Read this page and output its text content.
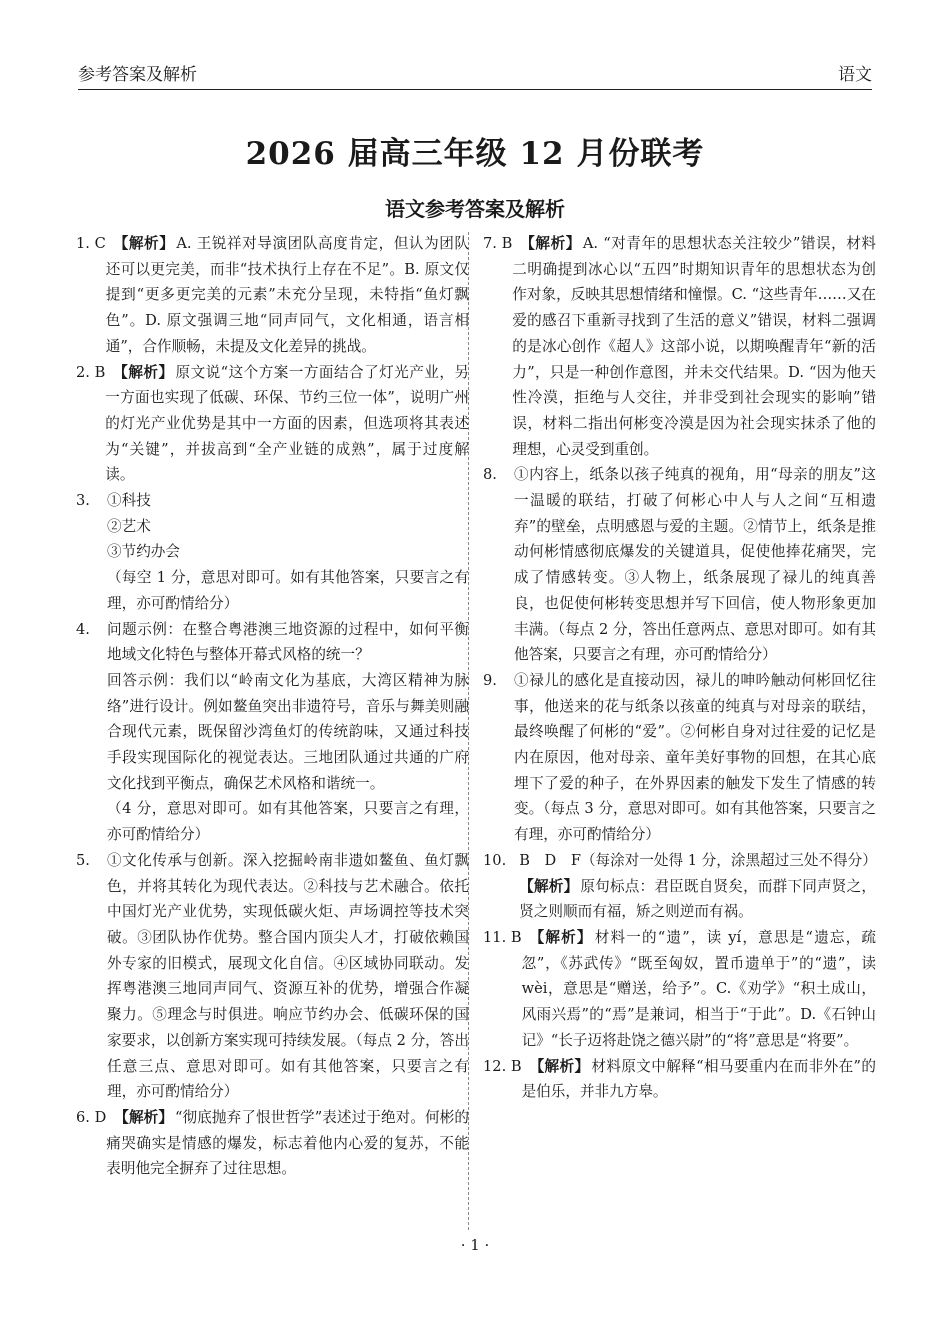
参考答案及解析	语文
2026 届高三年级 12 月份联考
语文参考答案及解析
1. C 【解析】 A. 王锐祥对导演团队高度肯定，但认为团队还可以更完美，而非“技术执行上存在不足”。B. 原文仅提到“更多更完美的元素”未充分呈现，未特指“鱼灯飘色”。D. 原文强调三地“同声同气，文化相通，语言相通”，合作顺畅，未提及文化差异的挑战。
2. B 【解析】 原文说“这个方案一方面结合了灯光产业，另一方面也实现了低碳、环保、节约三位一体”，说明广州的灯光产业优势是其中一方面的因素，但选项将其表述为“关键”，并拔高到“全产业链的成熟”，属于过度解读。
3. ①科技
②艺术
③节约办会
（每空 1 分，意思对即可。如有其他答案，只要言之有理，亦可酌情给分）
4. 问题示例：在整合粤港澳三地资源的过程中，如何平衡地域文化特色与整体开幕式风格的统一？
回答示例：我们以“岭南文化为基底，大湾区精神为脉络”进行设计。例如鳌鱼突出非遗符号，音乐与舞美则融合现代元素，既保留沙湾鱼灯的传统韵味，又通过科技手段实现国际化的视觉表达。三地团队通过共通的广府文化找到平衡点，确保艺术风格和谐统一。
（4 分，意思对即可。如有其他答案，只要言之有理，亦可酌情给分）
5.	①文化传承与创新。深入挖掘岭南非遗如鳌鱼、鱼灯飘色，并将其转化为现代表达。②科技与艺术融合。依托中国灯光产业优势，实现低碳火炬、声场调控等技术突破。③团队协作优势。整合国内顶尖人才，打破依赖国外专家的旧模式，展现文化自信。④区域协同联动。发挥粤港澳三地同声同气、资源互补的优势，增强合作凝聚力。⑤理念与时俱进。响应节约办会、低碳环保的国家要求，以创新方案实现可持续发展。（每点 2 分，答出任意三点、意思对即可。如有其他答案，只要言之有理，亦可酌情给分）
6. D 【解析】 “彻底抛弃了恨世哲学”表述过于绝对。何彬的痛哭确实是情感的爆发，标志着他内心爱的复苏，不能表明他完全摒弃了过往思想。
7. B 【解析】 A. “对青年的思想状态关注较少”错误，材料二明确提到冰心以“五四”时期知识青年的思想状态为创作对象，反映其思想情绪和憧憬。C. “这些青年……又在爱的感召下重新寻找到了生活的意义”错误，材料二强调的是冰心创作《超人》这部小说，以期唤醒青年“新的活力”，只是一种创作意图，并未交代结果。D. “因为他天性冷漠，拒绝与人交往，并非受到社会现实的影响”错误，材料二指出何彬变冷漠是因为社会现实抹杀了他的理想，心灵受到重创。
8.	①内容上，纸条以孩子纯真的视角，用“母亲的朋友”这一温暖的联结，打破了何彬心中人与人之间“互相遗弃”的壁垒，点明感恩与爱的主题。②情节上，纸条是推动何彬情感彻底爆发的关键道具，促使他捧花痛哭，完成了情感转变。③人物上，纸条展现了禄儿的纯真善良，也促使何彬转变思想并写下回信，使人物形象更加丰满。（每点 2 分，答出任意两点、意思对即可。如有其他答案，只要言之有理，亦可酌情给分）
9.	①禄儿的感化是直接动因，禄儿的呻吟触动何彬回忆往事，他送来的花与纸条以孩童的纯真与对母亲的联结，最终唤醒了何彬的“爱”。②何彬自身对过往爱的记忆是内在原因，他对母亲、童年美好事物的回想，在其心底埋下了爱的种子，在外界因素的触发下发生了情感的转变。（每点 3 分，意思对即可。如有其他答案，只要言之有理，亦可酌情给分）
10. B　D　F（每涂对一处得 1 分，涂黑超过三处不得分）
【解析】 原句标点：君臣既自贤矣，而群下同声贤之，贤之则顺而有福，矫之则逆而有祸。
11. B 【解析】 材料一的“遗”，读 yí，意思是“遗忘，疏忽”，《苏武传》“既至匈奴，置币遗单于”的“遗”，读 wèi，意思是“赠送，给予”。C.《劝学》“积土成山，风雨兴焉”的“焉”是兼词，相当于“于此”。D.《石钟山记》“长子迈将赴饶之德兴尉”的“将”意思是“将要”。
12. B 【解析】 材料原文中解释“相马要重内在而非外在”的是伯乐，并非九方皋。
· 1 ·
